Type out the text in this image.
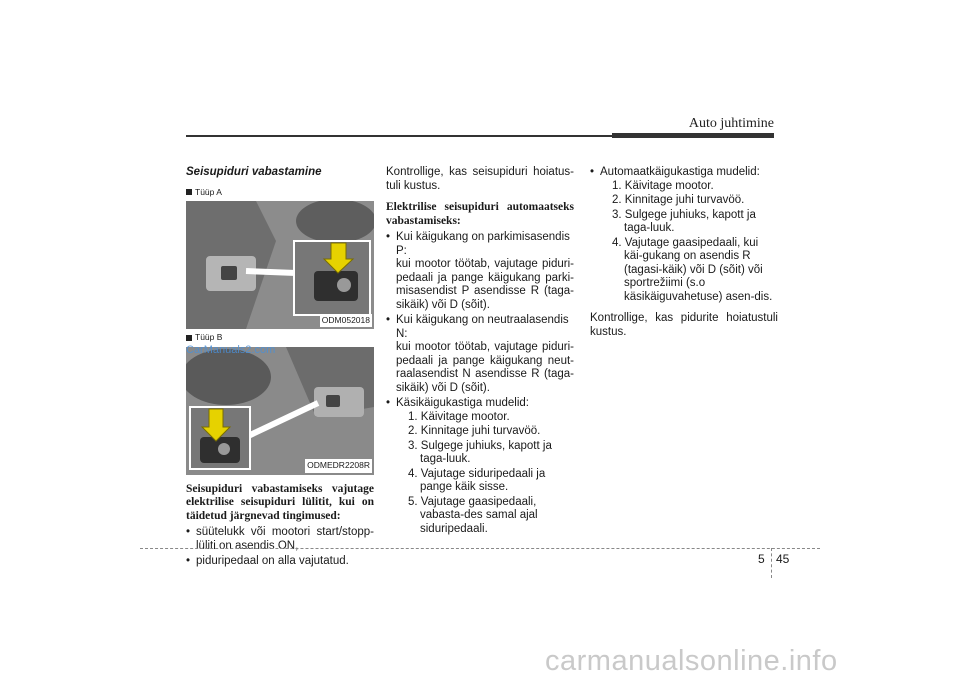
Auto juhtimine
Seisupiduri vabastamine
Tüüp A
ODM052018
Tüüp B
ODMEDR2208R
Seisupiduri vabastamiseks vajutage elektrilise seisupiduri lülitit, kui on täidetud järgnevad tingimused:
• süütelukk või mootori start/stopp-lüliti on asendis ON,
• piduripedaal on alla vajutatud.
CarManuals2.com

Kontrollige, kas seisupiduri hoiatus-tuli kustus.

Elektrilise seisupiduri automaatseks vabastamiseks:
• Kui käigukang on parkimisasendis P:
kui mootor töötab, vajutage piduri-pedaali ja pange käigukang parki-misasendist P asendisse R (taga-sikäik) või D (sõit).
• Kui käigukang on neutraalasendis N:
kui mootor töötab, vajutage piduri-pedaali ja pange käigukang neut-raalasendist N asendisse R (taga-sikäik) või D (sõit).
• Käsikäigukastiga mudelid:
1. Käivitage mootor.
2. Kinnitage juhi turvavöö.
3. Sulgege juhiuks, kapott ja taga-luuk.
4. Vajutage siduripedaali ja pange käik sisse.
5. Vajutage gaasipedaali, vabasta-des samal ajal siduripedaali.
• Automaatkäigukastiga mudelid:
1. Käivitage mootor.
2. Kinnitage juhi turvavöö.
3. Sulgege juhiuks, kapott ja taga-luuk.
4. Vajutage gaasipedaali, kui käi-gukang on asendis R (tagasi-käik) või D (sõit) või sportrežiimi (s.o käsikäiguvahetuse) asen-dis.

Kontrollige, kas pidurite hoiatustuli kustus.

5 45
carmanualsonline.info
